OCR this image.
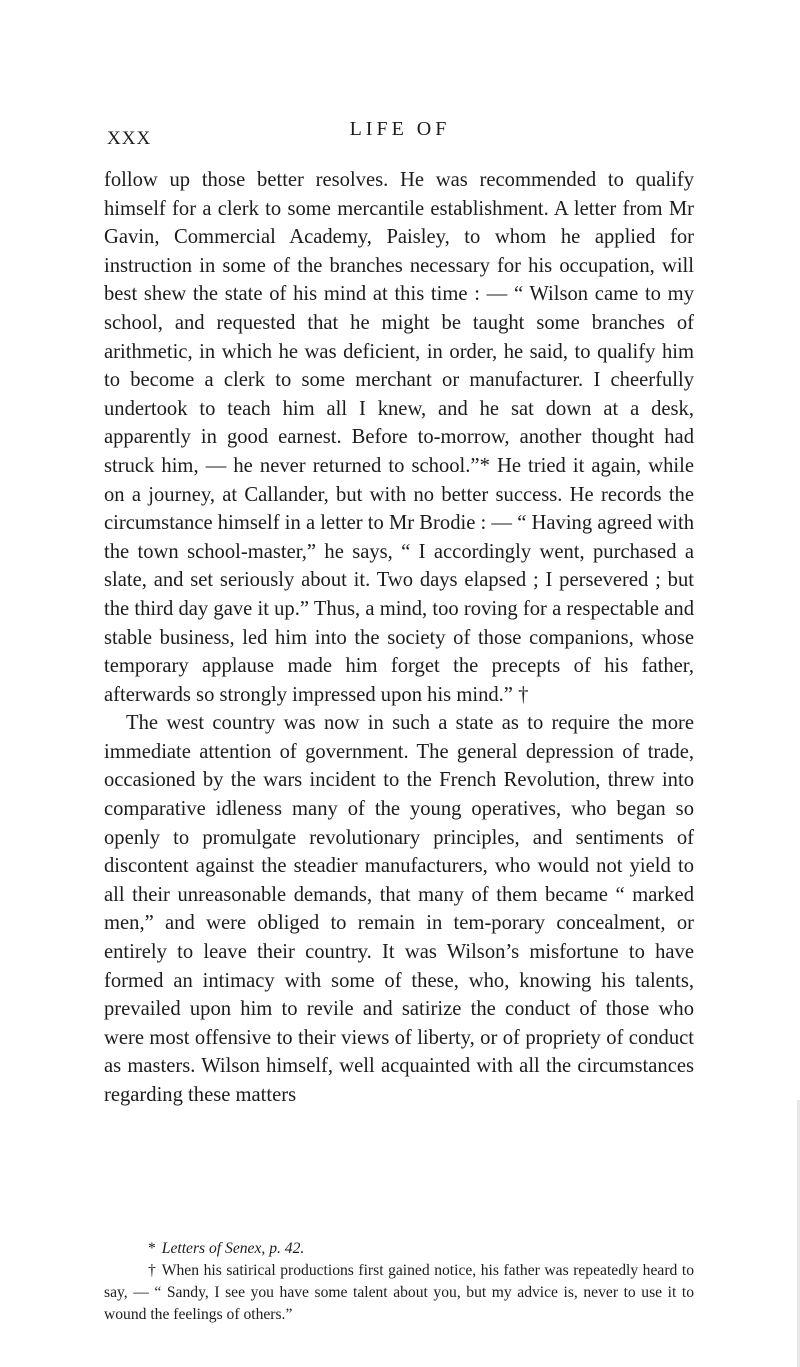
XXX	LIFE OF

follow up those better resolves. He was recommended to qualify himself for a clerk to some mercantile establishment. A letter from Mr Gavin, Commercial Academy, Paisley, to whom he applied for instruction in some of the branches necessary for his occupation, will best shew the state of his mind at this time : — “ Wilson came to my school, and requested that he might be taught some branches of arithmetic, in which he was deficient, in order, he said, to qualify him to become a clerk to some merchant or manufacturer. I cheerfully undertook to teach him all I knew, and he sat down at a desk, apparently in good earnest. Before to-morrow, another thought had struck him, — he never returned to school.”* He tried it again, while on a journey, at Callander, but with no better success. He records the circumstance himself in a letter to Mr Brodie : — “ Having agreed with the town school-master,” he says, “ I accordingly went, purchased a slate, and set seriously about it. Two days elapsed ; I persevered ; but the third day gave it up.” Thus, a mind, too roving for a respectable and stable business, led him into the society of those companions, whose temporary applause made him forget the precepts of his father, afterwards so strongly impressed upon his mind.” †

The west country was now in such a state as to require the more immediate attention of government. The general depression of trade, occasioned by the wars incident to the French Revolution, threw into comparative idleness many of the young operatives, who began so openly to promulgate revolutionary principles, and sentiments of discontent against the steadier manufacturers, who would not yield to all their unreasonable demands, that many of them became “ marked men,” and were obliged to remain in tem-porary concealment, or entirely to leave their country. It was Wilson’s misfortune to have formed an intimacy with some of these, who, knowing his talents, prevailed upon him to revile and satirize the conduct of those who were most offensive to their views of liberty, or of propriety of conduct as masters. Wilson himself, well acquainted with all the circumstances regarding these matters

* Letters of Senex, p. 42.

† When his satirical productions first gained notice, his father was repeatedly heard to say, — “ Sandy, I see you have some talent about you, but my advice is, never to use it to wound the feelings of others.”
